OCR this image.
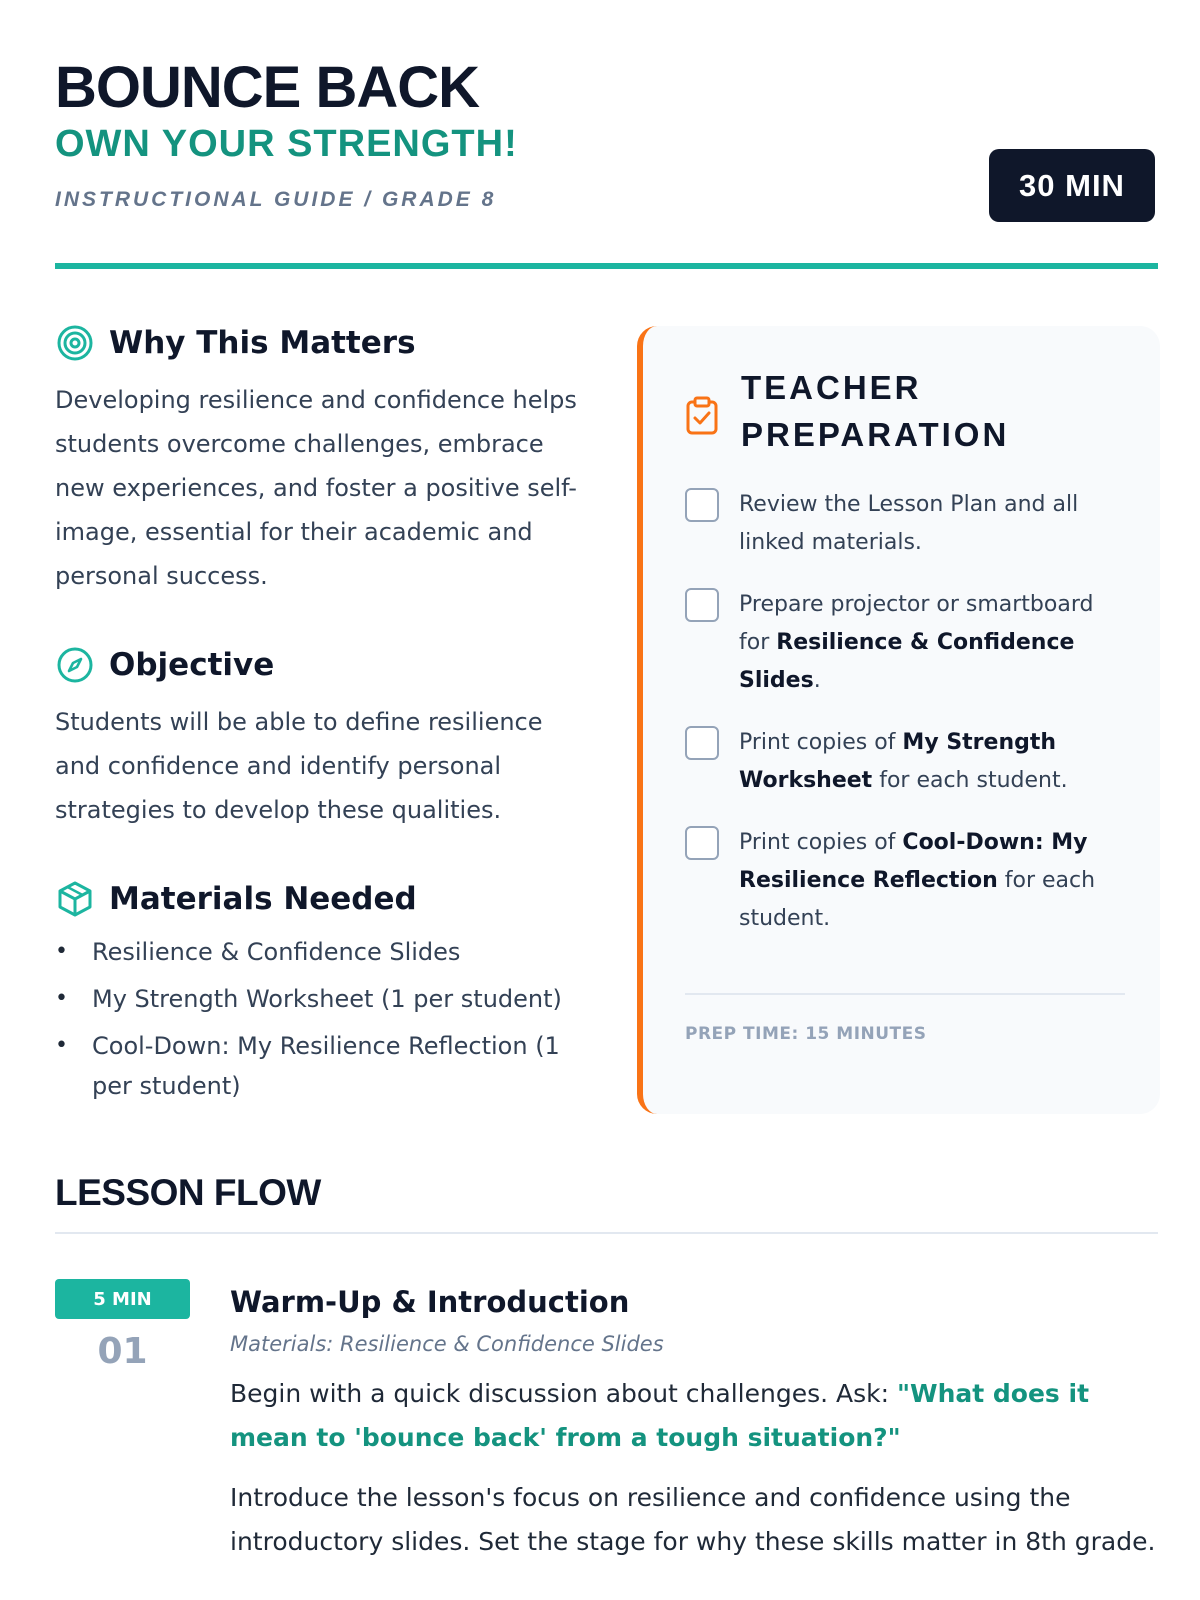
BOUNCE BACK
OWN YOUR STRENGTH!
INSTRUCTIONAL GUIDE / GRADE 8	30 MIN
Why This Matters

Developing resilience and confidence helps students overcome challenges, embrace new experiences, and foster a positive self-image, essential for their academic and personal success.

Objective

Students will be able to define resilience and confidence and identify personal strategies to develop these qualities.

Materials Needed
• Resilience & Confidence Slides
• My Strength Worksheet (1 per student)
• Cool-Down: My Resilience Reflection (1 per student)
TEACHER
PREPARATION
Review the Lesson Plan and all linked materials.
Prepare projector or smartboard for Resilience & Confidence Slides.
Print copies of My Strength Worksheet for each student.
Print copies of Cool-Down: My Resilience Reflection for each student.
PREP TIME: 15 MINUTES
LESSON FLOW
5 MIN
01
Warm-Up & Introduction
Materials: Resilience & Confidence Slides

Begin with a quick discussion about challenges. Ask: "What does it mean to 'bounce back' from a tough situation?"

Introduce the lesson's focus on resilience and confidence using the introductory slides. Set the stage for why these skills matter in 8th grade.
